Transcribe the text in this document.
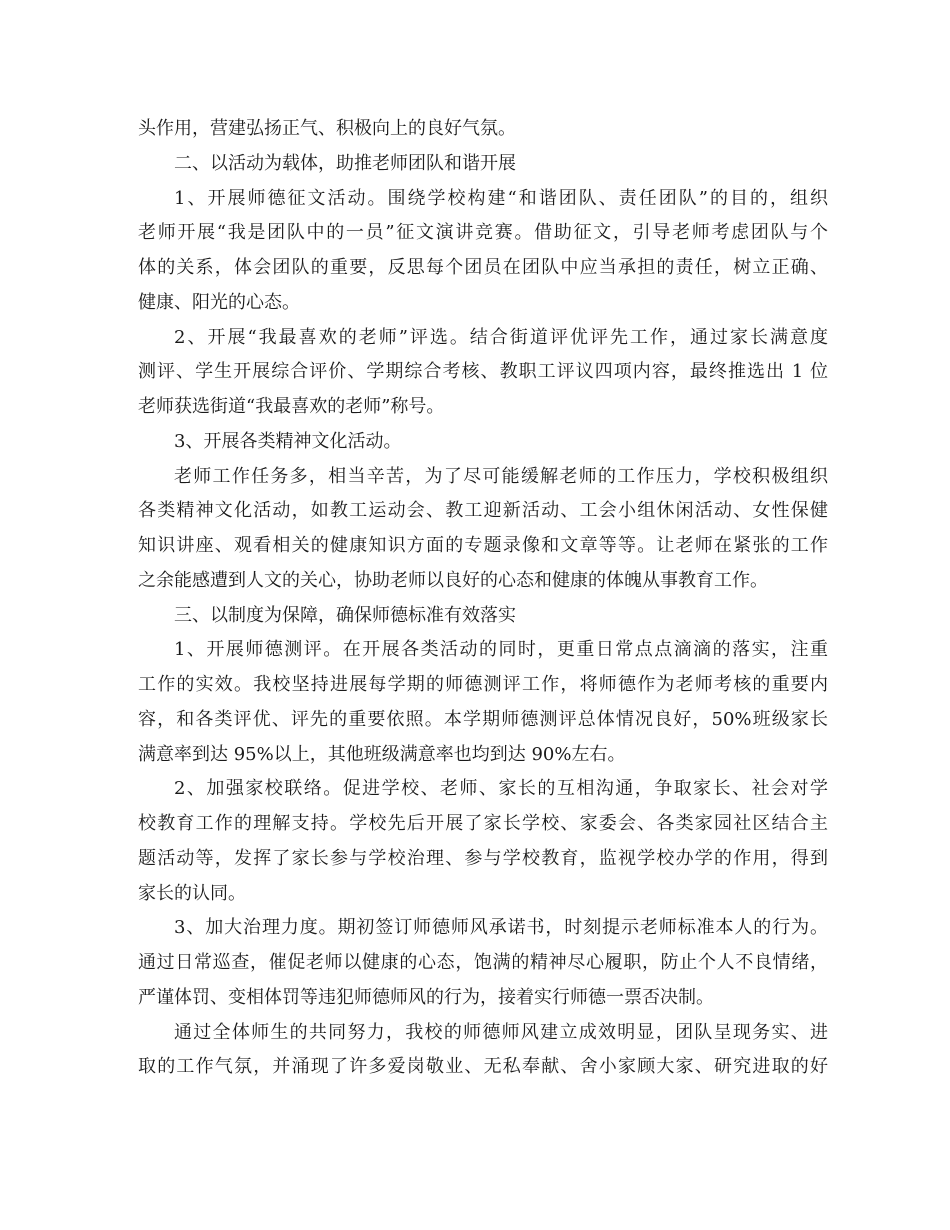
头作用，营建弘扬正气、积极向上的良好气氛。
二、以活动为载体，助推老师团队和谐开展
1、开展师德征文活动。围绕学校构建“和谐团队、责任团队”的目的，组织
老师开展“我是团队中的一员”征文演讲竞赛。借助征文，引导老师考虑团队与个
体的关系，体会团队的重要，反思每个团员在团队中应当承担的责任，树立正确、
健康、阳光的心态。
2、开展“我最喜欢的老师”评选。结合街道评优评先工作，通过家长满意度
测评、学生开展综合评价、学期综合考核、教职工评议四项内容，最终推选出 1 位
老师获选街道“我最喜欢的老师”称号。
3、开展各类精神文化活动。
老师工作任务多，相当辛苦，为了尽可能缓解老师的工作压力，学校积极组织
各类精神文化活动，如教工运动会、教工迎新活动、工会小组休闲活动、女性保健
知识讲座、观看相关的健康知识方面的专题录像和文章等等。让老师在紧张的工作
之余能感遭到人文的关心，协助老师以良好的心态和健康的体魄从事教育工作。
三、以制度为保障，确保师德标准有效落实
1、开展师德测评。在开展各类活动的同时，更重日常点点滴滴的落实，注重
工作的实效。我校坚持进展每学期的师德测评工作，将师德作为老师考核的重要内
容，和各类评优、评先的重要依照。本学期师德测评总体情况良好，50%班级家长
满意率到达 95%以上，其他班级满意率也均到达 90%左右。
2、加强家校联络。促进学校、老师、家长的互相沟通，争取家长、社会对学
校教育工作的理解支持。学校先后开展了家长学校、家委会、各类家园社区结合主
题活动等，发挥了家长参与学校治理、参与学校教育，监视学校办学的作用，得到
家长的认同。
3、加大治理力度。期初签订师德师风承诺书，时刻提示老师标准本人的行为。
通过日常巡查，催促老师以健康的心态，饱满的精神尽心履职，防止个人不良情绪，
严谨体罚、变相体罚等违犯师德师风的行为，接着实行师德一票否决制。
通过全体师生的共同努力，我校的师德师风建立成效明显，团队呈现务实、进
取的工作气氛，并涌现了许多爱岗敬业、无私奉献、舍小家顾大家、研究进取的好
